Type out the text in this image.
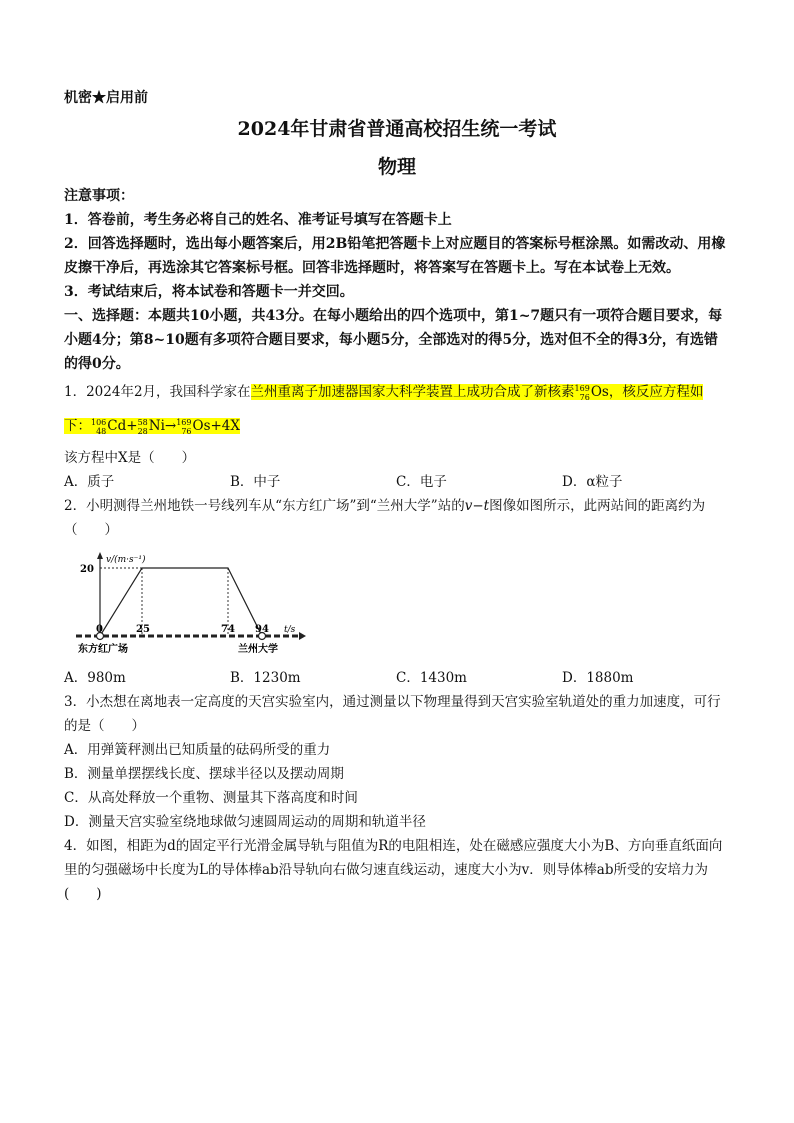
机密★启用前
2024年甘肃省普通高校招生统一考试
物理

注意事项：

1．答卷前，考生务必将自己的姓名、准考证号填写在答题卡上

2．回答选择题时，选出每小题答案后，用2B铅笔把答题卡上对应题目的答案标号框涂黑。如需改动、用橡皮擦干净后，再选涂其它答案标号框。回答非选择题时，将答案写在答题卡上。写在本试卷上无效。

3．考试结束后，将本试卷和答题卡一并交回。

一、选择题：本题共10小题，共43分。在每小题给出的四个选项中，第1~7题只有一项符合题目要求，每小题4分；第8~10题有多项符合题目要求，每小题5分，全部选对的得5分，选对但不全的得3分，有选错的得0分。

1．2024年2月，我国科学家在兰州重离子加速器国家大科学装置上成功合成了新核素 169
76 Os，核反应方程如
下： 106
48 Cd+ 58
28 Ni→ 169
76 Os+4X

该方程中X是（　　）

A．质子	B．中子	C．电子	D．α粒子

2．小明测得兰州地铁一号线列车从“东方红广场”到“兰州大学”站的v−t图像如图所示，此两站间的距离约为（　　）

v/(m·s⁻¹)
20
0	25	74 94 t/s
东方红广场	兰州大学
A．980m	B．1230m	C．1430m	D．1880m

3．小杰想在离地表一定高度的天宫实验室内，通过测量以下物理量得到天宫实验室轨道处的重力加速度，可行的是（　　）

A．用弹簧秤测出已知质量的砝码所受的重力

B．测量单摆摆线长度、摆球半径以及摆动周期

C．从高处释放一个重物、测量其下落高度和时间

D．测量天宫实验室绕地球做匀速圆周运动的周期和轨道半径

4．如图，相距为d的固定平行光滑金属导轨与阻值为R的电阻相连，处在磁感应强度大小为B、方向垂直纸面向里的匀强磁场中长度为L的导体棒ab沿导轨向右做匀速直线运动，速度大小为v．则导体棒ab所受的安培力为(　　)
